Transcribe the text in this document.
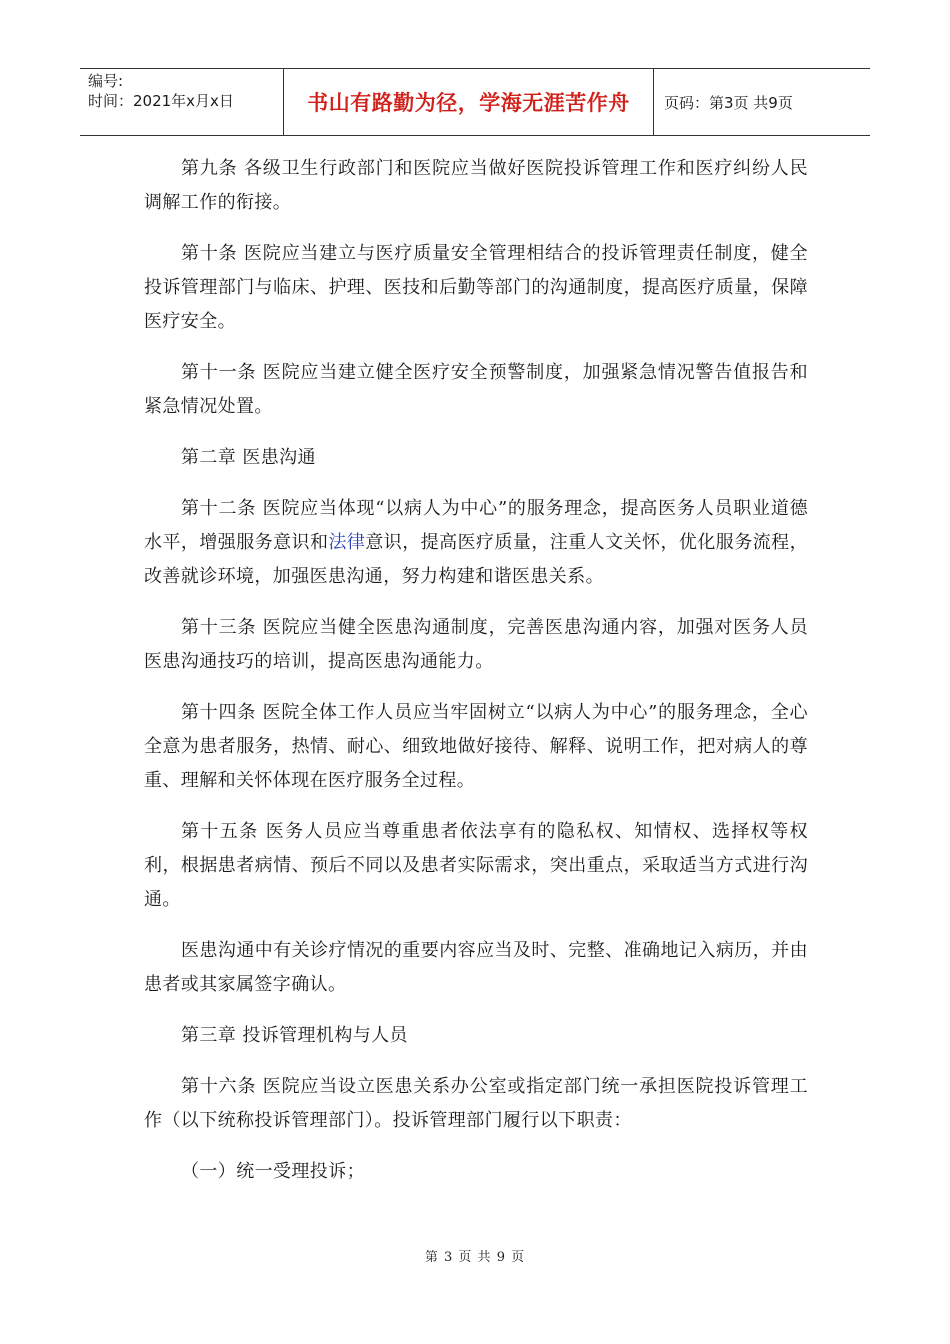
编号:
时间：2021年x月x日	书山有路勤为径，学海无涯苦作舟	页码：第3页 共9页

第九条 各级卫生行政部门和医院应当做好医院投诉管理工作和医疗纠纷人民调解工作的衔接。

第十条 医院应当建立与医疗质量安全管理相结合的投诉管理责任制度，健全投诉管理部门与临床、护理、医技和后勤等部门的沟通制度，提高医疗质量，保障医疗安全。

第十一条 医院应当建立健全医疗安全预警制度，加强紧急情况警告值报告和紧急情况处置。

第二章 医患沟通

第十二条 医院应当体现“以病人为中心”的服务理念，提高医务人员职业道德水平，增强服务意识和法律意识，提高医疗质量，注重人文关怀，优化服务流程，改善就诊环境，加强医患沟通，努力构建和谐医患关系。

第十三条 医院应当健全医患沟通制度，完善医患沟通内容，加强对医务人员医患沟通技巧的培训，提高医患沟通能力。

第十四条 医院全体工作人员应当牢固树立“以病人为中心”的服务理念，全心全意为患者服务，热情、耐心、细致地做好接待、解释、说明工作，把对病人的尊重、理解和关怀体现在医疗服务全过程。

第十五条 医务人员应当尊重患者依法享有的隐私权、知情权、选择权等权利，根据患者病情、预后不同以及患者实际需求，突出重点，采取适当方式进行沟通。

医患沟通中有关诊疗情况的重要内容应当及时、完整、准确地记入病历，并由患者或其家属签字确认。

第三章 投诉管理机构与人员

第十六条 医院应当设立医患关系办公室或指定部门统一承担医院投诉管理工作（以下统称投诉管理部门）。投诉管理部门履行以下职责：

（一）统一受理投诉；

第 3 页 共 9 页
